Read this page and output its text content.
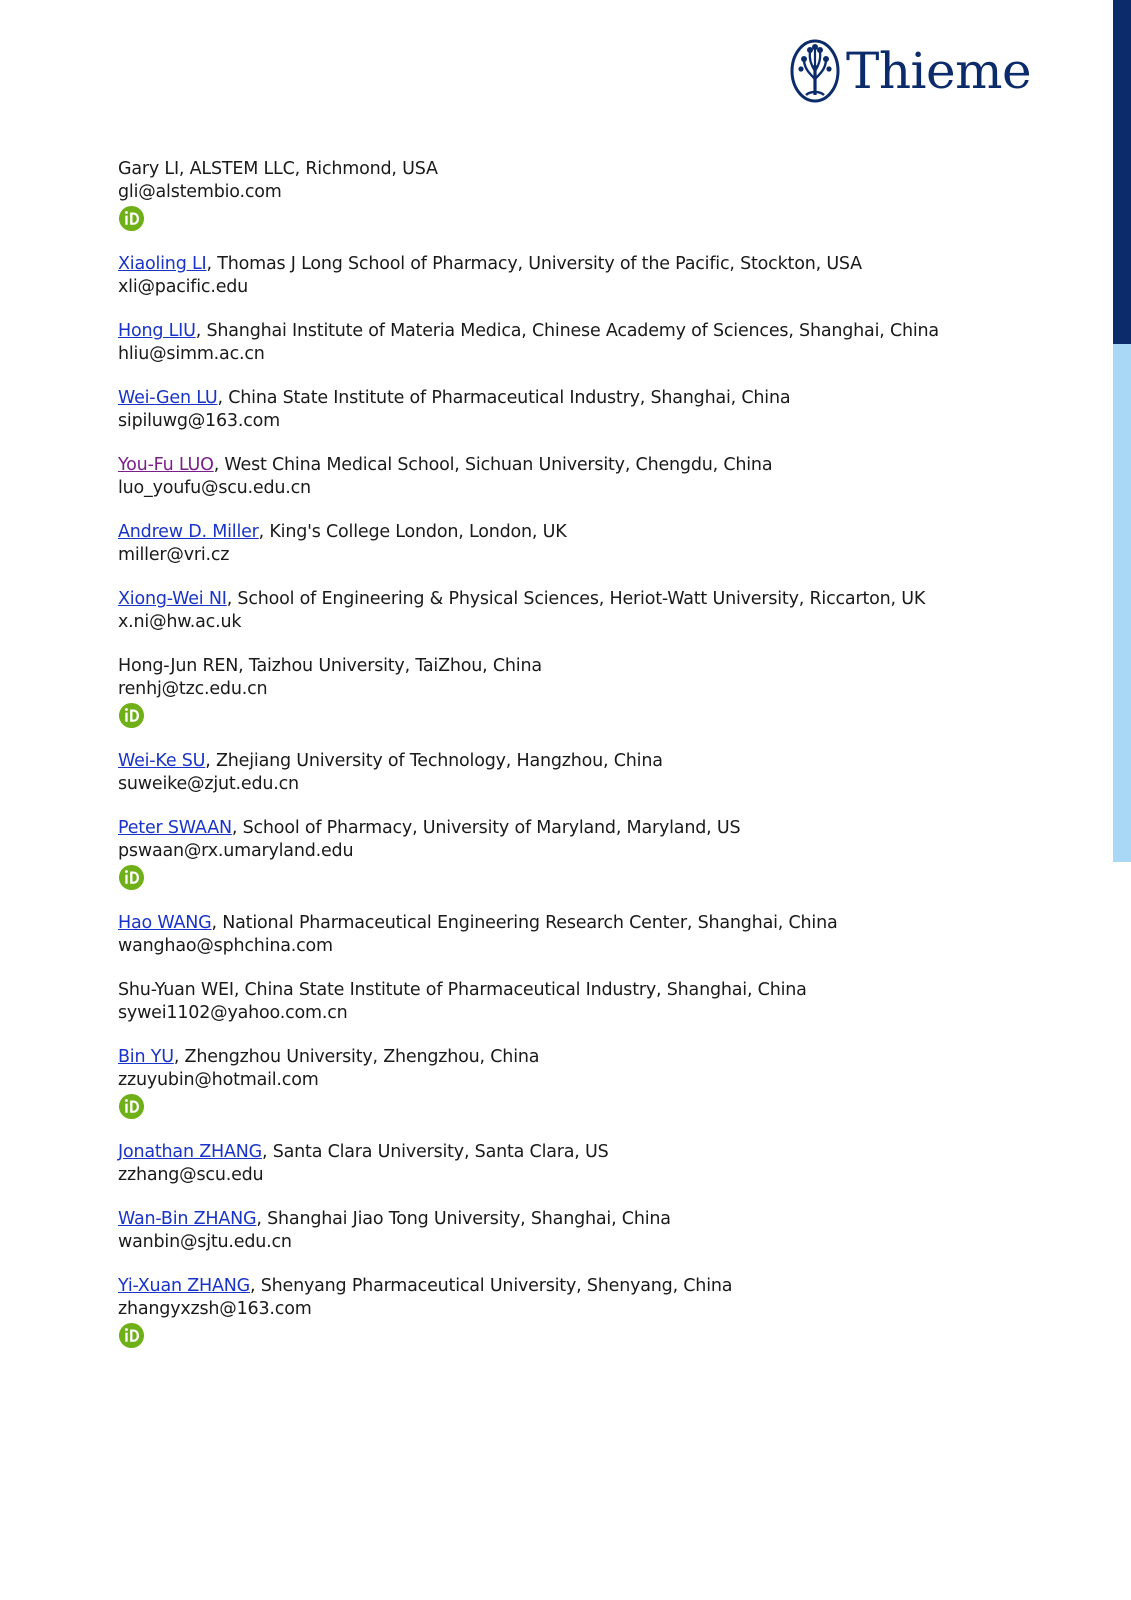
Thieme
Gary LI, ALSTEM LLC, Richmond, USA
gli@alstembio.com
Xiaoling LI, Thomas J Long School of Pharmacy, University of the Pacific, Stockton, USA
xli@pacific.edu
Hong LIU, Shanghai Institute of Materia Medica, Chinese Academy of Sciences, Shanghai, China
hliu@simm.ac.cn
Wei-Gen LU, China State Institute of Pharmaceutical Industry, Shanghai, China
sipiluwg@163.com
You-Fu LUO, West China Medical School, Sichuan University, Chengdu, China
luo_youfu@scu.edu.cn
Andrew D. Miller, King's College London, London, UK
miller@vri.cz
Xiong-Wei NI, School of Engineering & Physical Sciences, Heriot-Watt University, Riccarton, UK
x.ni@hw.ac.uk
Hong-Jun REN, Taizhou University, TaiZhou, China
renhj@tzc.edu.cn
Wei-Ke SU, Zhejiang University of Technology, Hangzhou, China
suweike@zjut.edu.cn
Peter SWAAN, School of Pharmacy, University of Maryland, Maryland, US
pswaan@rx.umaryland.edu
Hao WANG, National Pharmaceutical Engineering Research Center, Shanghai, China
wanghao@sphchina.com
Shu-Yuan WEI, China State Institute of Pharmaceutical Industry, Shanghai, China
sywei1102@yahoo.com.cn
Bin YU, Zhengzhou University, Zhengzhou, China
zzuyubin@hotmail.com
Jonathan ZHANG, Santa Clara University, Santa Clara, US
zzhang@scu.edu
Wan-Bin ZHANG, Shanghai Jiao Tong University, Shanghai, China
wanbin@sjtu.edu.cn
Yi-Xuan ZHANG, Shenyang Pharmaceutical University, Shenyang, China
zhangyxzsh@163.com
